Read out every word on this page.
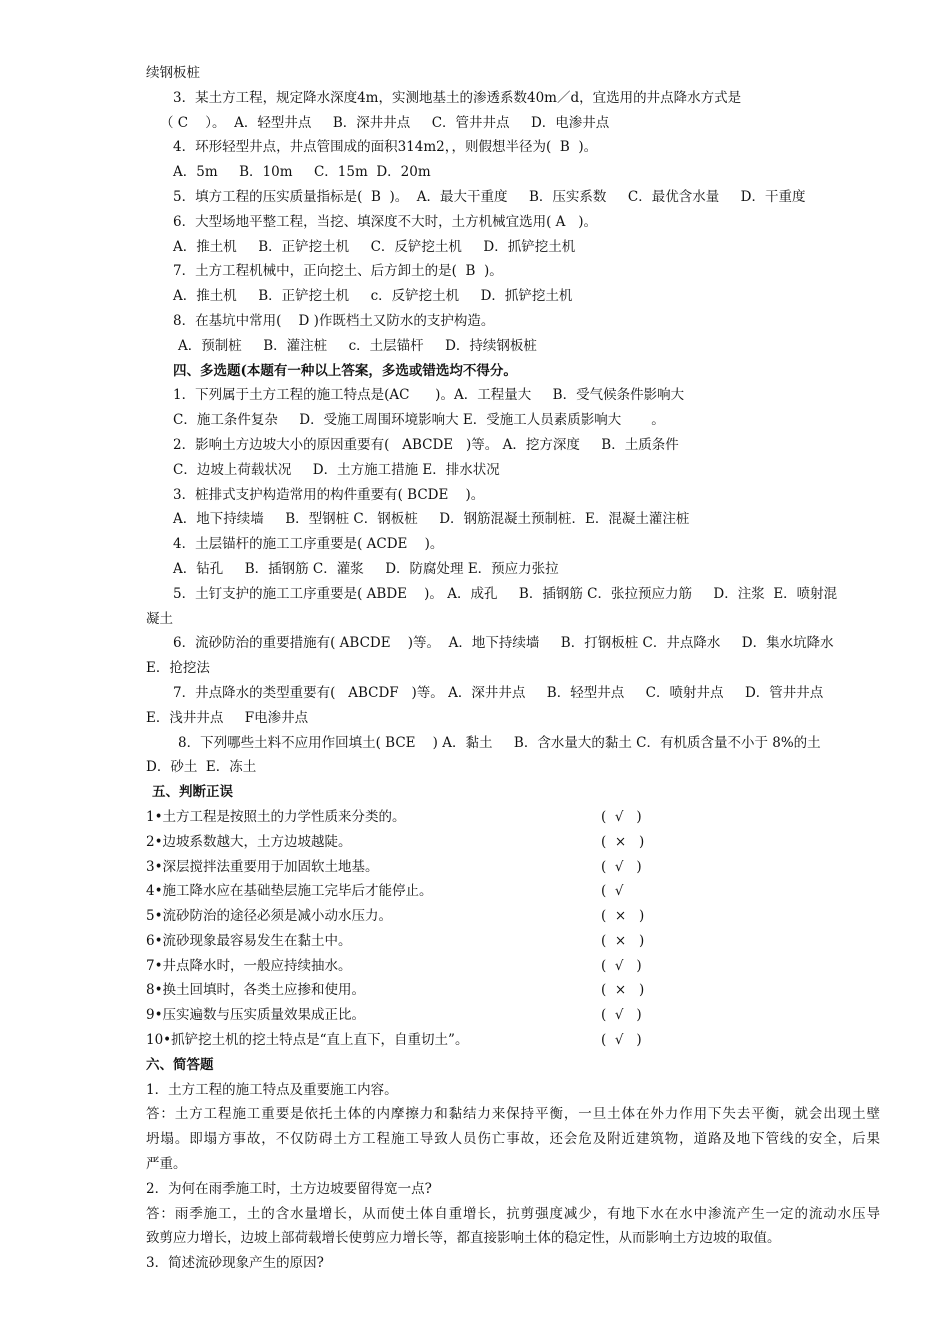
续钢板桩
3．某土方工程，规定降水深度4m，实测地基土的渗透系数40m／d，宜选用的井点降水方式是
（ C    ）。  A．轻型井点     B．深井井点     C．管井井点     D．电渗井点
4．环形轻型井点，井点管围成的面积314m2，，则假想半径为(  B  )。
A．5m     B．10m     C．15m  D．20m
5．填方工程的压实质量指标是(  B  )。  A．最大干重度     B．压实系数     C．最优含水量     D．干重度
6．大型场地平整工程，当挖、填深度不大时，土方机械宜选用( A   )。
A．推土机     B．正铲挖土机     C．反铲挖土机     D．抓铲挖土机
7．土方工程机械中，正向挖土、后方卸土的是(  B  )。
A．推土机     B．正铲挖土机     c．反铲挖土机     D．抓铲挖土机
8．在基坑中常用(    D )作既档土又防水的支护构造。
A．预制桩     B．灌注桩     c．土层锚杆     D．持续钢板桩
四、多选题(本题有一种以上答案，多选或错选均不得分。
1．下列属于土方工程的施工特点是(AC      )。A．工程量大     B．受气候条件影响大
C．施工条件复杂     D．受施工周围环境影响大 E．受施工人员素质影响大       。
2．影响土方边坡大小的原因重要有(   ABCDE   )等。 A．挖方深度     B．土质条件
C．边坡上荷载状况     D．土方施工措施 E．排水状况
3．桩排式支护构造常用的构件重要有( BCDE    )。
A．地下持续墙     B．型钢桩 C．钢板桩     D．钢筋混凝土预制桩．E．混凝土灌注桩
4．土层锚杆的施工工序重要是( ACDE    )。
A．钻孔     B．插钢筋 C．灌浆     D．防腐处理 E．预应力张拉
5．土钉支护的施工工序重要是( ABDE    )。 A．成孔     B．插钢筋 C．张拉预应力筋     D．注浆  E．喷射混
凝土
6．流砂防治的重要措施有( ABCDE    )等。  A．地下持续墙     B．打钢板桩 C．井点降水     D．集水坑降水
E．抢挖法
7．井点降水的类型重要有(   ABCDF   )等。 A．深井井点     B．轻型井点     C．喷射井点     D．管井井点
E．浅井井点     F电渗井点
8．下列哪些土料不应用作回填土( BCE    ) A．黏土     B．含水量大的黏土 C．有机质含量不小于 8%的土
D．砂土  E．冻土
五、判断正误
1•土方工程是按照土的力学性质来分类的。	(  √   )
2•边坡系数越大，土方边坡越陡。	(  ×   )
3•深层搅拌法重要用于加固软土地基。	(  √   )
4•施工降水应在基础垫层施工完毕后才能停止。	(  √
5•流砂防治的途径必须是减小动水压力。	(  ×   )
6•流砂现象最容易发生在黏土中。	(  ×   )
7•井点降水时，一般应持续抽水。	(  √   )
8•换土回填时，各类土应掺和使用。	(  ×   )
9•压实遍数与压实质量效果成正比。	(  √   )
10•抓铲挖土机的挖土特点是“直上直下，自重切土”。	(  √   )
六、简答题
1．土方工程的施工特点及重要施工内容。
答：土方工程施工重要是依托土体的内摩擦力和黏结力来保持平衡，一旦土体在外力作用下失去平衡，就会出现土壁
坍塌。即塌方事故，不仅防碍土方工程施工导致人员伤亡事故，还会危及附近建筑物，道路及地下管线的安全，后果
严重。
2．为何在雨季施工时，土方边坡要留得宽一点?
答：雨季施工，土的含水量增长，从而使土体自重增长，抗剪强度减少，有地下水在水中渗流产生一定的流动水压导
致剪应力增长，边坡上部荷载增长使剪应力增长等，都直接影响土体的稳定性，从而影响土方边坡的取值。
3．简述流砂现象产生的原因?
